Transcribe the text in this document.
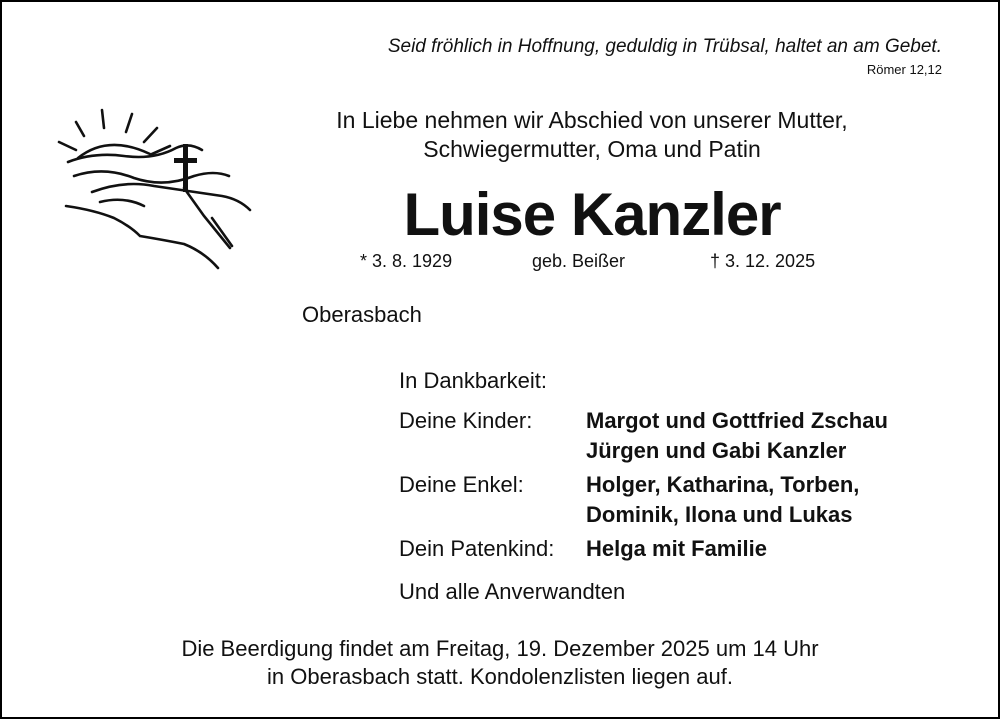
Seid fröhlich in Hoffnung, geduldig in Trübsal, haltet an am Gebet.
Römer 12,12
In Liebe nehmen wir Abschied von unserer Mutter,
Schwiegermutter, Oma und Patin
Luise Kanzler
* 3. 8. 1929	geb. Beißer	† 3. 12. 2025
Oberasbach
In Dankbarkeit:
Deine Kinder: Margot und Gottfried Zschau
Jürgen und Gabi Kanzler
Deine Enkel:	Holger, Katharina, Torben,
Dominik, Ilona und Lukas
Dein Patenkind: Helga mit Familie
Und alle Anverwandten
Die Beerdigung findet am Freitag, 19. Dezember 2025 um 14 Uhr
in Oberasbach statt. Kondolenzlisten liegen auf.
